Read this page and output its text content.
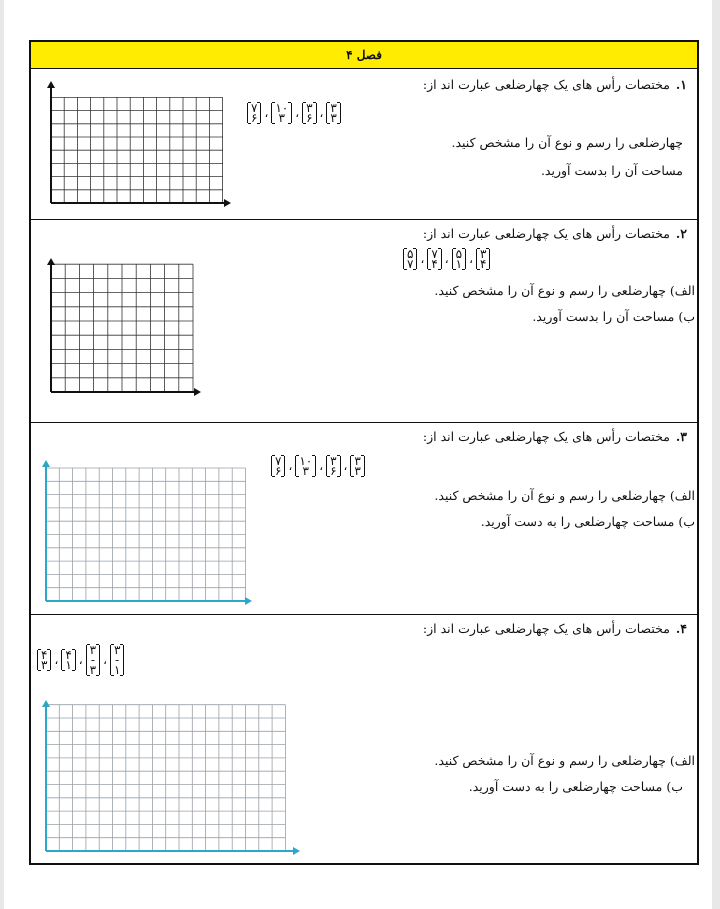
فصل ۴
۱.مختصات رأس های یک چهارضلعی عبارت اند از:
۷
۶ ، ۱۰
۳ ، ۳
۶ ، ۳
۳
چهارضلعی را رسم و نوع آن را مشخص کنید.
مساحت آن را بدست آورید.
۲.مختصات رأس های یک چهارضلعی عبارت اند از:
۵
۷ ، ۷
۴ ، ۵
۱ ، ۳
۴
الف) چهارضلعی را رسم و نوع آن را مشخص کنید.
ب) مساحت آن را بدست آورید.
۳.مختصات رأس های یک چهارضلعی عبارت اند از:
۷
۶ ، ۱۰
۳ ، ۳
۶ ، ۳
۳
الف) چهارضلعی را رسم و نوع آن را مشخص کنید.
ب) مساحت چهارضلعی را به دست آورید.
۴.مختصات رأس های یک چهارضلعی عبارت اند از:
۴
۳ ، ۴
۱ ،
۳
-
۳
،
۳
-
۱
الف) چهارضلعی را رسم و نوع آن را مشخص کنید.
ب) مساحت چهارضلعی را به دست آورید.
